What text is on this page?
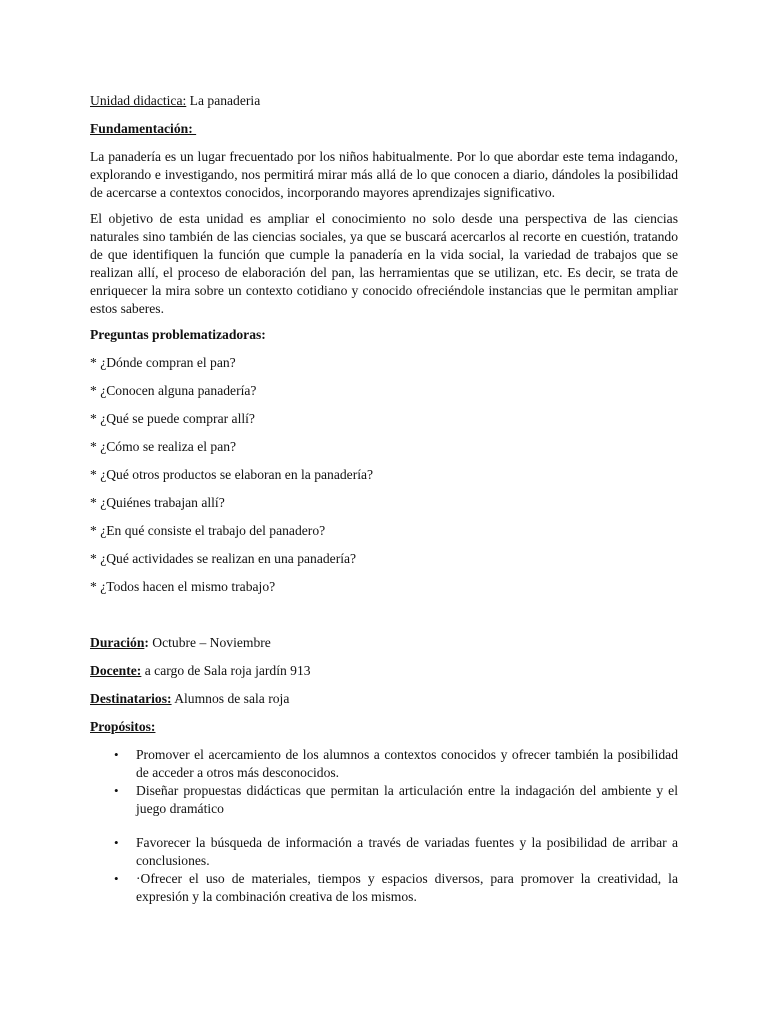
Unidad didactica: La panaderia

Fundamentación:

La panadería es un lugar frecuentado por los niños habitualmente. Por lo que abordar este tema indagando, explorando e investigando, nos permitirá mirar más allá de lo que conocen a diario, dándoles la posibilidad de acercarse a contextos conocidos, incorporando mayores aprendizajes significativo.

El objetivo de esta unidad es ampliar el conocimiento no solo desde una perspectiva de las ciencias naturales sino también de las ciencias sociales, ya que se buscará acercarlos al recorte en cuestión, tratando de que identifiquen la función que cumple la panadería en la vida social, la variedad de trabajos que se realizan allí, el proceso de elaboración del pan, las herramientas que se utilizan, etc. Es decir, se trata de enriquecer la mira sobre un contexto cotidiano y conocido ofreciéndole instancias que le permitan ampliar estos saberes.

Preguntas problematizadoras:

* ¿Dónde compran el pan?

* ¿Conocen alguna panadería?

* ¿Qué se puede comprar allí?

* ¿Cómo se realiza el pan?

* ¿Qué otros productos se elaboran en la panadería?

* ¿Quiénes trabajan allí?

* ¿En qué consiste el trabajo del panadero?

* ¿Qué actividades se realizan en una panadería?

* ¿Todos hacen el mismo trabajo?

Duración: Octubre – Noviembre

Docente: a cargo de Sala roja jardín 913

Destinatarios: Alumnos de sala roja

Propósitos:

• Promover el acercamiento de los alumnos a contextos conocidos y ofrecer también la posibilidad de acceder a otros más desconocidos.
• Diseñar propuestas didácticas que permitan la articulación entre la indagación del ambiente y el juego dramático
• Favorecer la búsqueda de información a través de variadas fuentes y la posibilidad de arribar a conclusiones.
• ·Ofrecer el uso de materiales, tiempos y espacios diversos, para promover la creatividad, la expresión y la combinación creativa de los mismos.
